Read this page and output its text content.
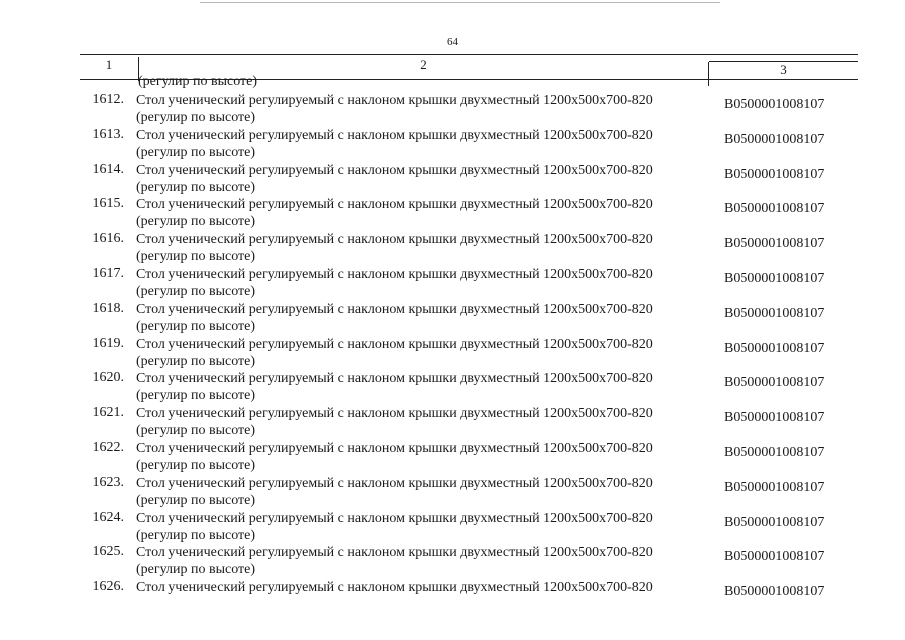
64
1	2	3
(регулир по высоте)
1612. Стол ученический регулируемый с наклоном крышки двухместный 1200x500x700-820
(регулир по высоте)
B0500001008107
1613. Стол ученический регулируемый с наклоном крышки двухместный 1200x500x700-820
(регулир по высоте)
B0500001008107
1614. Стол ученический регулируемый с наклоном крышки двухместный 1200x500x700-820
(регулир по высоте)
B0500001008107
1615. Стол ученический регулируемый с наклоном крышки двухместный 1200x500x700-820
(регулир по высоте)
B0500001008107
1616. Стол ученический регулируемый с наклоном крышки двухместный 1200x500x700-820
(регулир по высоте)
B0500001008107
1617. Стол ученический регулируемый с наклоном крышки двухместный 1200x500x700-820
(регулир по высоте)
B0500001008107
1618. Стол ученический регулируемый с наклоном крышки двухместный 1200x500x700-820
(регулир по высоте)
B0500001008107
1619. Стол ученический регулируемый с наклоном крышки двухместный 1200x500x700-820
(регулир по высоте)
B0500001008107
1620. Стол ученический регулируемый с наклоном крышки двухместный 1200x500x700-820
(регулир по высоте)
B0500001008107
1621. Стол ученический регулируемый с наклоном крышки двухместный 1200x500x700-820
(регулир по высоте)
B0500001008107
1622. Стол ученический регулируемый с наклоном крышки двухместный 1200x500x700-820
(регулир по высоте)
B0500001008107
1623. Стол ученический регулируемый с наклоном крышки двухместный 1200x500x700-820
(регулир по высоте)
B0500001008107
1624. Стол ученический регулируемый с наклоном крышки двухместный 1200x500x700-820
(регулир по высоте)
B0500001008107
1625. Стол ученический регулируемый с наклоном крышки двухместный 1200x500x700-820
(регулир по высоте)
B0500001008107
1626. Стол ученический регулируемый с наклоном крышки двухместный 1200x500x700-820	B0500001008107
